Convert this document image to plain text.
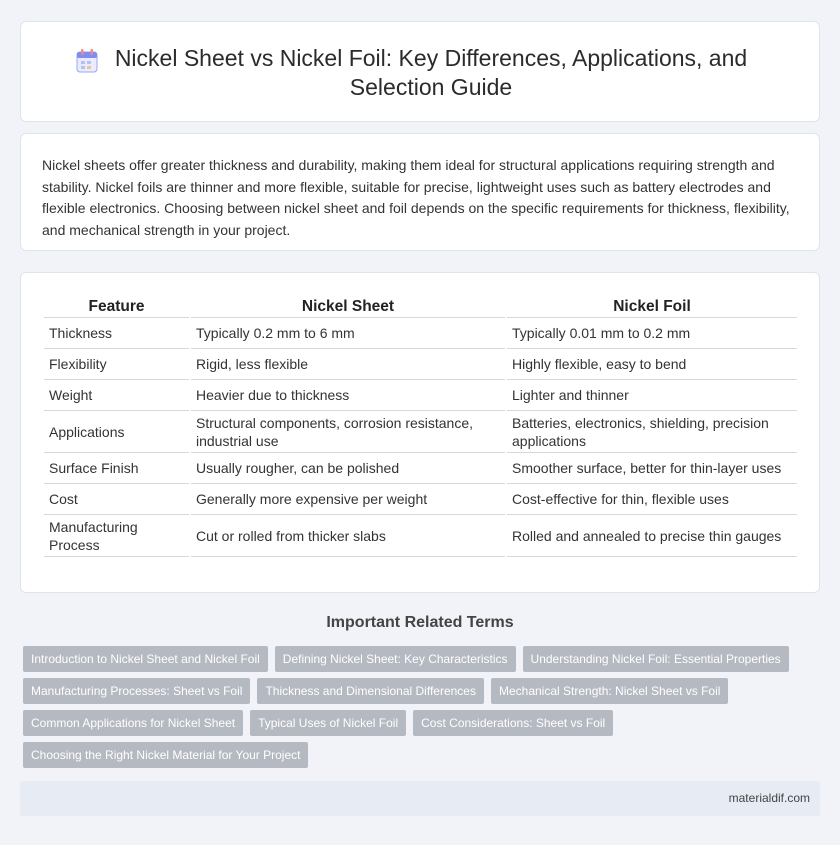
Nickel Sheet vs Nickel Foil: Key Differences, Applications, and Selection Guide

Nickel sheets offer greater thickness and durability, making them ideal for structural applications requiring strength and stability. Nickel foils are thinner and more flexible, suitable for precise, lightweight uses such as battery electrodes and flexible electronics. Choosing between nickel sheet and foil depends on the specific requirements for thickness, flexibility, and mechanical strength in your project.

Feature	Nickel Sheet	Nickel Foil
Thickness	Typically 0.2 mm to 6 mm	Typically 0.01 mm to 0.2 mm
Flexibility	Rigid, less flexible	Highly flexible, easy to bend
Weight	Heavier due to thickness	Lighter and thinner
Applications	Structural components, corrosion resistance, industrial use	Batteries, electronics, shielding, precision applications
Surface Finish	Usually rougher, can be polished	Smoother surface, better for thin-layer uses
Cost	Generally more expensive per weight	Cost-effective for thin, flexible uses
Manufacturing Process	Cut or rolled from thicker slabs	Rolled and annealed to precise thin gauges
Important Related Terms
Introduction to Nickel Sheet and Nickel Foil	Defining Nickel Sheet: Key Characteristics	Understanding Nickel Foil: Essential Properties
Manufacturing Processes: Sheet vs Foil	Thickness and Dimensional Differences	Mechanical Strength: Nickel Sheet vs Foil
Common Applications for Nickel Sheet	Typical Uses of Nickel Foil	Cost Considerations: Sheet vs Foil
Choosing the Right Nickel Material for Your Project
materialdif.com
